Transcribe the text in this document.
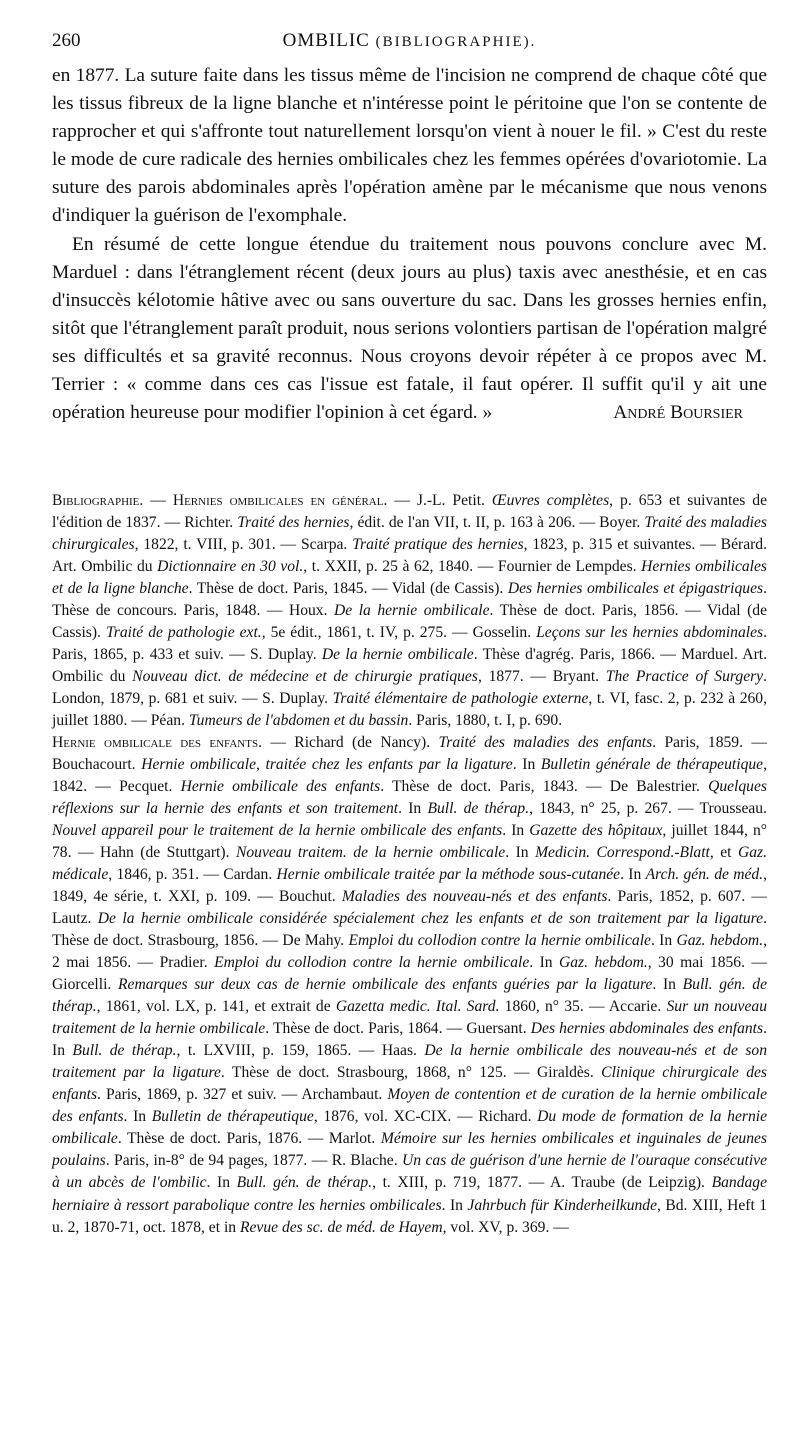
260	OMBILIC (BIBLIOGRAPHIE).

en 1877. La suture faite dans les tissus même de l'incision ne comprend de chaque côté que les tissus fibreux de la ligne blanche et n'intéresse point le péritoine que l'on se contente de rapprocher et qui s'affronte tout naturellement lorsqu'on vient à nouer le fil. » C'est du reste le mode de cure radicale des hernies ombilicales chez les femmes opérées d'ovariotomie. La suture des parois abdominales après l'opération amène par le mécanisme que nous venons d'indiquer la guérison de l'exomphale.

En résumé de cette longue étendue du traitement nous pouvons conclure avec M. Marduel : dans l'étranglement récent (deux jours au plus) taxis avec anesthésie, et en cas d'insuccès kélotomie hâtive avec ou sans ouverture du sac. Dans les grosses hernies enfin, sitôt que l'étranglement paraît produit, nous serions volontiers partisan de l'opération malgré ses difficultés et sa gravité reconnus. Nous croyons devoir répéter à ce propos avec M. Terrier : « comme dans ces cas l'issue est fatale, il faut opérer. Il suffit qu'il y ait une opération heureuse pour modifier l'opinion à cet égard. »	André Boursier

Bibliographie. — Hernies ombilicales en général. — J.-L. Petit. Œuvres complètes, p. 653 et suivantes de l'édition de 1837. — Richter. Traité des hernies, édit. de l'an VII, t. II, p. 163 à 206. — Boyer. Traité des maladies chirurgicales, 1822, t. VIII, p. 301. — Scarpa. Traité pratique des hernies, 1823, p. 315 et suivantes. — Bérard. Art. Ombilic du Dictionnaire en 30 vol., t. XXII, p. 25 à 62, 1840. — Fournier de Lempdes. Hernies ombilicales et de la ligne blanche. Thèse de doct. Paris, 1845. — Vidal (de Cassis). Des hernies ombilicales et épigastriques. Thèse de concours. Paris, 1848. — Houx. De la hernie ombilicale. Thèse de doct. Paris, 1856. — Vidal (de Cassis). Traité de pathologie ext., 5e édit., 1861, t. IV, p. 275. — Gosselin. Leçons sur les hernies abdominales. Paris, 1865, p. 433 et suiv. — S. Duplay. De la hernie ombilicale. Thèse d'agrég. Paris, 1866. — Marduel. Art. Ombilic du Nouveau dict. de médecine et de chirurgie pratiques, 1877. — Bryant. The Practice of Surgery. London, 1879, p. 681 et suiv. — S. Duplay. Traité élémentaire de pathologie externe, t. VI, fasc. 2, p. 232 à 260, juillet 1880. — Péan. Tumeurs de l'abdomen et du bassin. Paris, 1880, t. I, p. 690.

Hernie ombilicale des enfants. — Richard (de Nancy). Traité des maladies des enfants. Paris, 1859. — Bouchacourt. Hernie ombilicale, traitée chez les enfants par la ligature. In Bulletin générale de thérapeutique, 1842. — Pecquet. Hernie ombilicale des enfants. Thèse de doct. Paris, 1843. — De Balestrier. Quelques réflexions sur la hernie des enfants et son traitement. In Bull. de thérap., 1843, n° 25, p. 267. — Trousseau. Nouvel appareil pour le traitement de la hernie ombilicale des enfants. In Gazette des hôpitaux, juillet 1844, n° 78. — Hahn (de Stuttgart). Nouveau traitem. de la hernie ombilicale. In Medicin. Correspond.-Blatt, et Gaz. médicale, 1846, p. 351. — Cardan. Hernie ombilicale traitée par la méthode sous-cutanée. In Arch. gén. de méd., 1849, 4e série, t. XXI, p. 109. — Bouchut. Maladies des nouveau-nés et des enfants. Paris, 1852, p. 607. — Lautz. De la hernie ombilicale considérée spécialement chez les enfants et de son traitement par la ligature. Thèse de doct. Strasbourg, 1856. — De Mahy. Emploi du collodion contre la hernie ombilicale. In Gaz. hebdom., 2 mai 1856. — Pradier. Emploi du collodion contre la hernie ombilicale. In Gaz. hebdom., 30 mai 1856. — Giorcelli. Remarques sur deux cas de hernie ombilicale des enfants guéries par la ligature. In Bull. gén. de thérap., 1861, vol. LX, p. 141, et extrait de Gazetta medic. Ital. Sard. 1860, n° 35. — Accarie. Sur un nouveau traitement de la hernie ombilicale. Thèse de doct. Paris, 1864. — Guersant. Des hernies abdominales des enfants. In Bull. de thérap., t. LXVIII, p. 159, 1865. — Haas. De la hernie ombilicale des nouveau-nés et de son traitement par la ligature. Thèse de doct. Strasbourg, 1868, n° 125. — Giraldès. Clinique chirurgicale des enfants. Paris, 1869, p. 327 et suiv. — Archambaut. Moyen de contention et de curation de la hernie ombilicale des enfants. In Bulletin de thérapeutique, 1876, vol. XC-CIX. — Richard. Du mode de formation de la hernie ombilicale. Thèse de doct. Paris, 1876. — Marlot. Mémoire sur les hernies ombilicales et inguinales de jeunes poulains. Paris, in-8° de 94 pages, 1877. — R. Blache. Un cas de guérison d'une hernie de l'ouraque consécutive à un abcès de l'ombilic. In Bull. gén. de thérap., t. XIII, p. 719, 1877. — A. Traube (de Leipzig). Bandage herniaire à ressort parabolique contre les hernies ombilicales. In Jahrbuch für Kinderheilkunde, Bd. XIII, Heft 1 u. 2, 1870-71, oct. 1878, et in Revue des sc. de méd. de Hayem, vol. XV, p. 369. —
